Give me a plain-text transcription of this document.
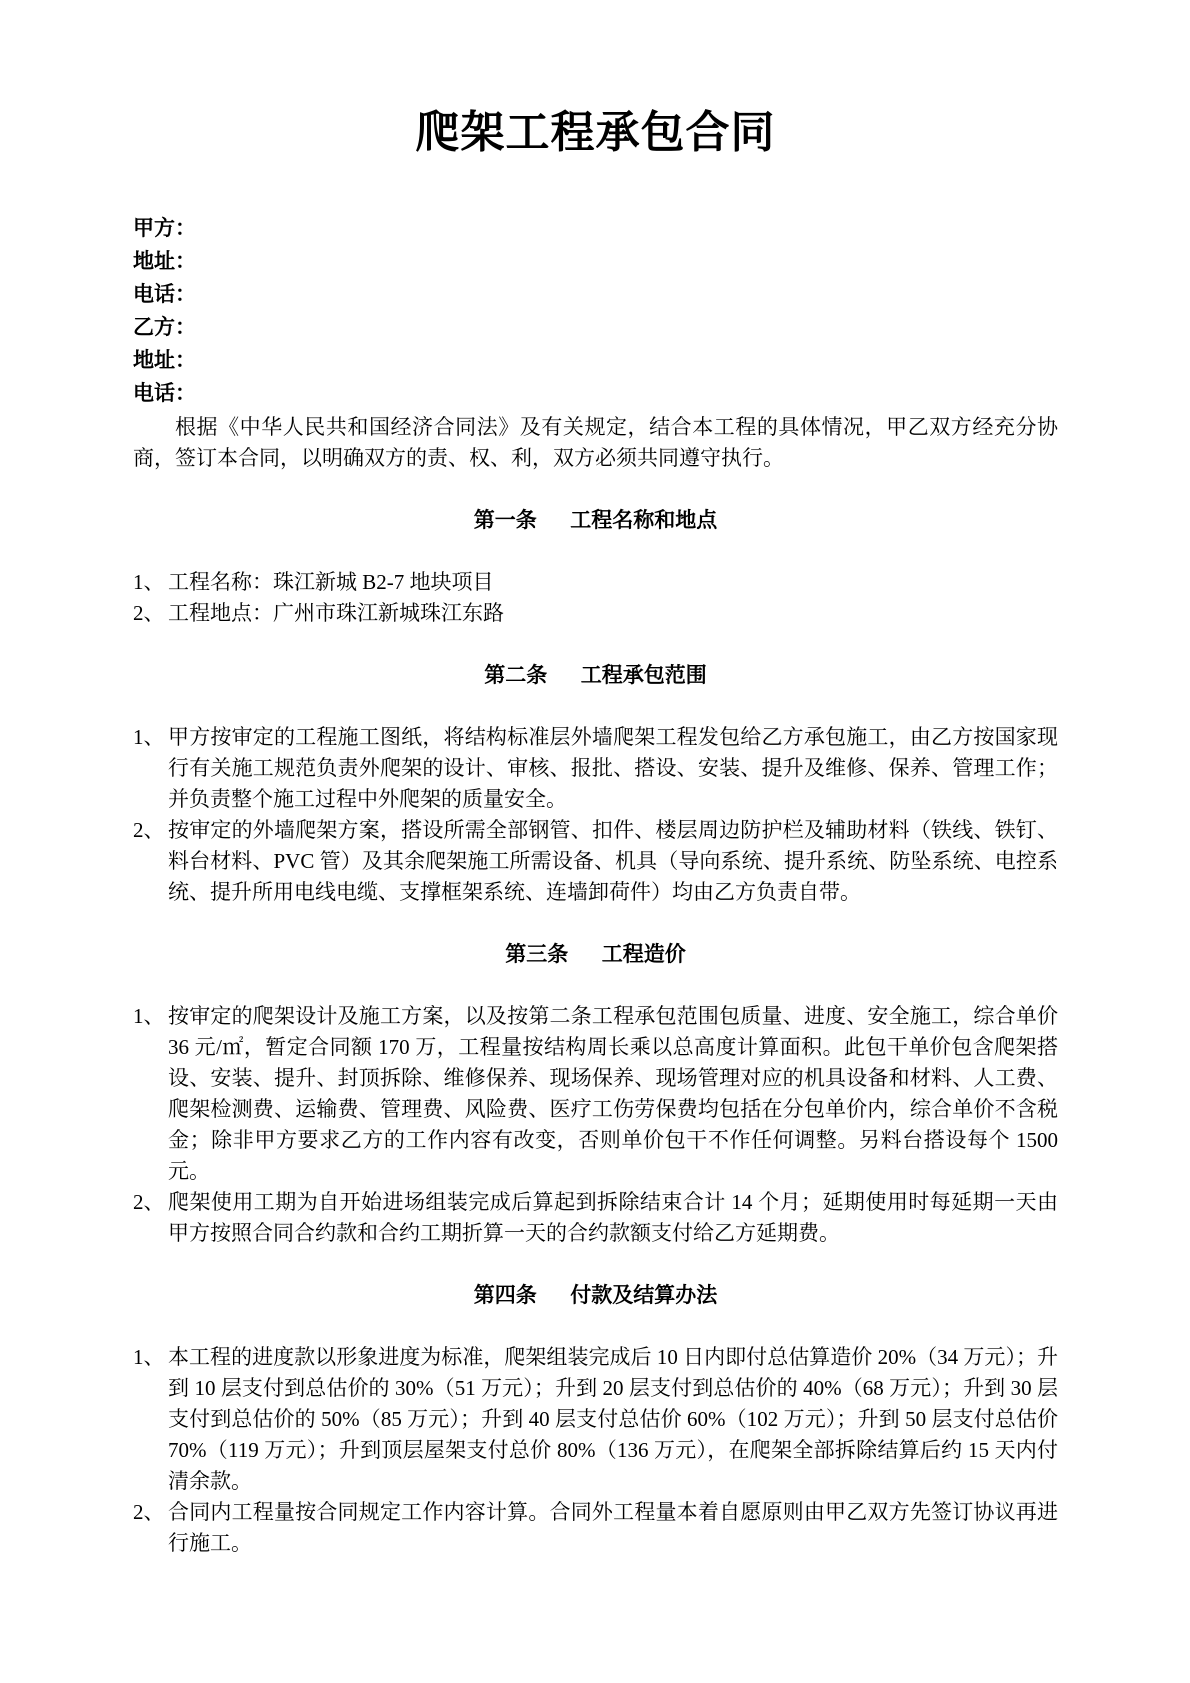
爬架工程承包合同

甲方：

地址：

电话：

乙方：

地址：

电话：

根据《中华人民共和国经济合同法》及有关规定，结合本工程的具体情况，甲乙双方经充分协商，签订本合同，以明确双方的责、权、利，双方必须共同遵守执行。

第一条 工程名称和地点
1、 工程名称：珠江新城 B2-7 地块项目

2、 工程地点：广州市珠江新城珠江东路

第二条 工程承包范围
1、 甲方按审定的工程施工图纸，将结构标准层外墙爬架工程发包给乙方承包施工，由乙方按国家现行有关施工规范负责外爬架的设计、审核、报批、搭设、安装、提升及维修、保养、管理工作；并负责整个施工过程中外爬架的质量安全。

2、 按审定的外墙爬架方案，搭设所需全部钢管、扣件、楼层周边防护栏及辅助材料（铁线、铁钉、料台材料、PVC 管）及其余爬架施工所需设备、机具（导向系统、提升系统、防坠系统、电控系统、提升所用电线电缆、支撑框架系统、连墙卸荷件）均由乙方负责自带。

第三条 工程造价
1、 按审定的爬架设计及施工方案，以及按第二条工程承包范围包质量、进度、安全施工，综合单价 36 元/㎡，暂定合同额 170 万，工程量按结构周长乘以总高度计算面积。此包干单价包含爬架搭设、安装、提升、封顶拆除、维修保养、现场保养、现场管理对应的机具设备和材料、人工费、爬架检测费、运输费、管理费、风险费、医疗工伤劳保费均包括在分包单价内，综合单价不含税金；除非甲方要求乙方的工作内容有改变，否则单价包干不作任何调整。另料台搭设每个 1500 元。

2、 爬架使用工期为自开始进场组装完成后算起到拆除结束合计 14 个月；延期使用时每延期一天由甲方按照合同合约款和合约工期折算一天的合约款额支付给乙方延期费。

第四条 付款及结算办法
1、 本工程的进度款以形象进度为标准，爬架组装完成后 10 日内即付总估算造价 20%（34 万元）；升到 10 层支付到总估价的 30%（51 万元）；升到 20 层支付到总估价的 40%（68 万元）；升到 30 层支付到总估价的 50%（85 万元）；升到 40 层支付总估价 60%（102 万元）；升到 50 层支付总估价 70%（119 万元）；升到顶层屋架支付总价 80%（136 万元），在爬架全部拆除结算后约 15 天内付清余款。

2、 合同内工程量按合同规定工作内容计算。合同外工程量本着自愿原则由甲乙双方先签订协议再进行施工。
